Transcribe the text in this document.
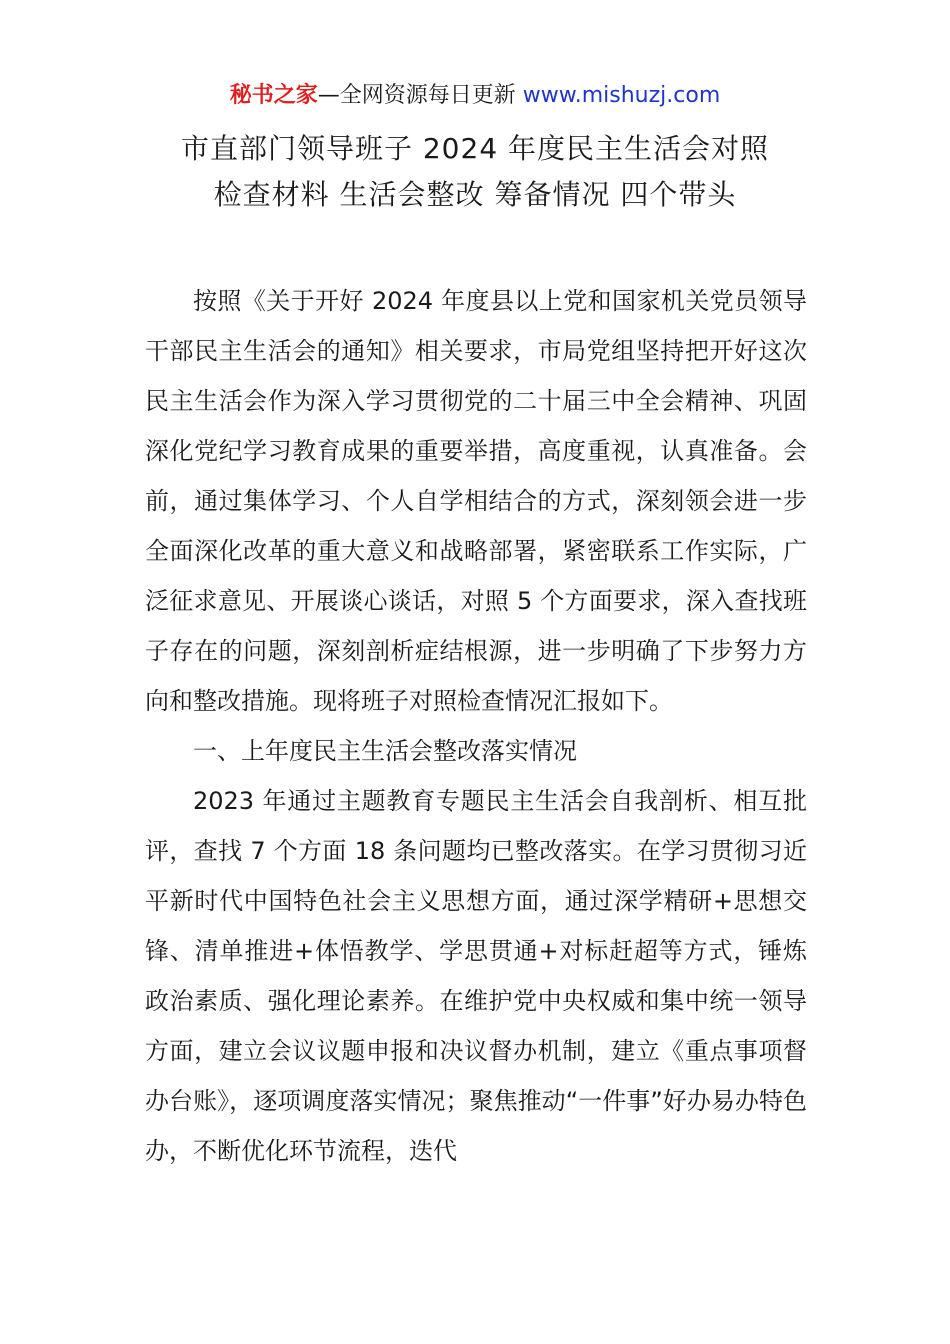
秘书之家—全网资源每日更新 www.mishuzj.com
市直部门领导班子 2024 年度民主生活会对照
检查材料 生活会整改 筹备情况 四个带头

按照《关于开好 2024 年度县以上党和国家机关党员领导干部民主生活会的通知》相关要求，市局党组坚持把开好这次民主生活会作为深入学习贯彻党的二十届三中全会精神、巩固深化党纪学习教育成果的重要举措，高度重视，认真准备。会前，通过集体学习、个人自学相结合的方式，深刻领会进一步全面深化改革的重大意义和战略部署，紧密联系工作实际，广泛征求意见、开展谈心谈话，对照 5 个方面要求，深入查找班子存在的问题，深刻剖析症结根源，进一步明确了下步努力方向和整改措施。现将班子对照检查情况汇报如下。

一、上年度民主生活会整改落实情况

2023 年通过主题教育专题民主生活会自我剖析、相互批评，查找 7 个方面 18 条问题均已整改落实。在学习贯彻习近平新时代中国特色社会主义思想方面，通过深学精研+思想交锋、清单推进+体悟教学、学思贯通+对标赶超等方式，锤炼政治素质、强化理论素养。在维护党中央权威和集中统一领导方面，建立会议议题申报和决议督办机制，建立《重点事项督办台账》，逐项调度落实情况；聚焦推动“一件事”好办易办特色办，不断优化环节流程，迭代
